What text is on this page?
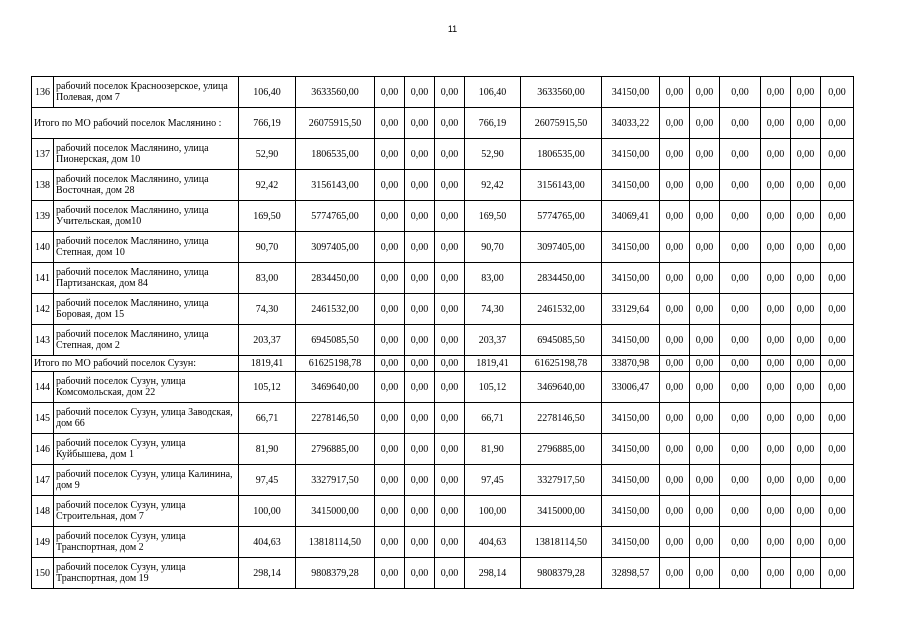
11
136	рабочий поселок Красноозерское, улица Полевая, дом 7	106,40	3633560,00	0,00	0,00	0,00	106,40	3633560,00	34150,00	0,00	0,00	0,00	0,00	0,00	0,00
Итого по МО рабочий поселок Маслянино :		766,19	26075915,50	0,00	0,00	0,00	766,19	26075915,50	34033,22	0,00	0,00	0,00	0,00	0,00	0,00
137	рабочий поселок Маслянино, улица Пионерская, дом 10	52,90	1806535,00	0,00	0,00	0,00	52,90	1806535,00	34150,00	0,00	0,00	0,00	0,00	0,00	0,00
138	рабочий поселок Маслянино, улица Восточная, дом 28	92,42	3156143,00	0,00	0,00	0,00	92,42	3156143,00	34150,00	0,00	0,00	0,00	0,00	0,00	0,00
139	рабочий поселок Маслянино, улица Учительская, дом10	169,50	5774765,00	0,00	0,00	0,00	169,50	5774765,00	34069,41	0,00	0,00	0,00	0,00	0,00	0,00
140	рабочий поселок Маслянино, улица Степная, дом 10	90,70	3097405,00	0,00	0,00	0,00	90,70	3097405,00	34150,00	0,00	0,00	0,00	0,00	0,00	0,00
141	рабочий поселок Маслянино, улица Партизанская, дом 84	83,00	2834450,00	0,00	0,00	0,00	83,00	2834450,00	34150,00	0,00	0,00	0,00	0,00	0,00	0,00
142	рабочий поселок Маслянино, улица Боровая, дом 15	74,30	2461532,00	0,00	0,00	0,00	74,30	2461532,00	33129,64	0,00	0,00	0,00	0,00	0,00	0,00
143	рабочий поселок Маслянино, улица Степная, дом 2	203,37	6945085,50	0,00	0,00	0,00	203,37	6945085,50	34150,00	0,00	0,00	0,00	0,00	0,00	0,00
Итого по МО рабочий поселок Сузун:		1819,41	61625198,78	0,00	0,00	0,00	1819,41	61625198,78	33870,98	0,00	0,00	0,00	0,00	0,00	0,00
144	рабочий поселок Сузун, улица Комсомольская, дом 22	105,12	3469640,00	0,00	0,00	0,00	105,12	3469640,00	33006,47	0,00	0,00	0,00	0,00	0,00	0,00
145	рабочий поселок Сузун, улица Заводская, дом 66	66,71	2278146,50	0,00	0,00	0,00	66,71	2278146,50	34150,00	0,00	0,00	0,00	0,00	0,00	0,00
146	рабочий поселок Сузун, улица Куйбышева, дом 1	81,90	2796885,00	0,00	0,00	0,00	81,90	2796885,00	34150,00	0,00	0,00	0,00	0,00	0,00	0,00
147	рабочий поселок Сузун, улица Калинина, дом 9	97,45	3327917,50	0,00	0,00	0,00	97,45	3327917,50	34150,00	0,00	0,00	0,00	0,00	0,00	0,00
148	рабочий поселок Сузун, улица Строительная, дом 7	100,00	3415000,00	0,00	0,00	0,00	100,00	3415000,00	34150,00	0,00	0,00	0,00	0,00	0,00	0,00
149	рабочий поселок Сузун, улица Транспортная, дом 2	404,63	13818114,50	0,00	0,00	0,00	404,63	13818114,50	34150,00	0,00	0,00	0,00	0,00	0,00	0,00
150	рабочий поселок Сузун, улица Транспортная, дом 19	298,14	9808379,28	0,00	0,00	0,00	298,14	9808379,28	32898,57	0,00	0,00	0,00	0,00	0,00	0,00
